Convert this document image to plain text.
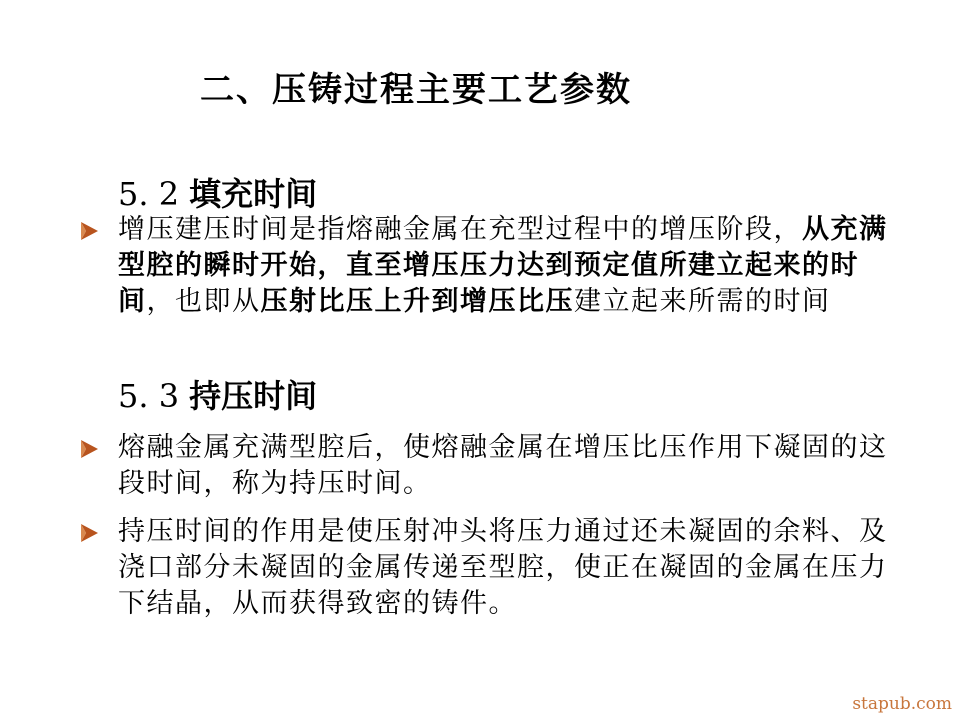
二、压铸过程主要工艺参数
5. 2 填充时间
增压建压时间是指熔融金属在充型过程中的增压阶段，从充满型腔的瞬时开始，直至增压压力达到预定值所建立起来的时间，也即从压射比压上升到增压比压建立起来所需的时间
5. 3 持压时间
熔融金属充满型腔后，使熔融金属在增压比压作用下凝固的这段时间，称为持压时间。
持压时间的作用是使压射冲头将压力通过还未凝固的余料、及浇口部分未凝固的金属传递至型腔，使正在凝固的金属在压力下结晶，从而获得致密的铸件。
stapub.com
